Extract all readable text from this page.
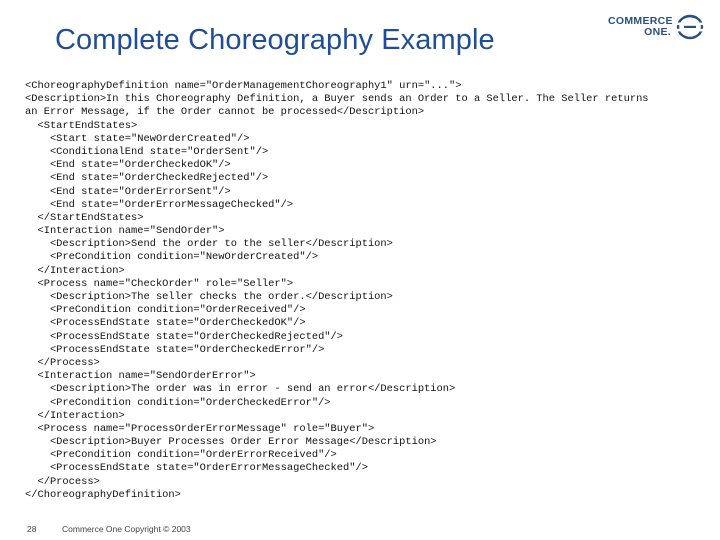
Complete Choreography Example
COMMERCE
ONE.
<ChoreographyDefinition name="OrderManagementChoreography1" urn="...">
<Description>In this Choreography Definition, a Buyer sends an Order to a Seller. The Seller returns
an Error Message, if the Order cannot be processed</Description>
<StartEndStates>
<Start state="NewOrderCreated"/>
<ConditionalEnd state="OrderSent"/>
<End state="OrderCheckedOK"/>
<End state="OrderCheckedRejected"/>
<End state="OrderErrorSent"/>
<End state="OrderErrorMessageChecked"/>
</StartEndStates>
<Interaction name="SendOrder">
<Description>Send the order to the seller</Description>
<PreCondition condition="NewOrderCreated"/>
</Interaction>
<Process name="CheckOrder" role="Seller">
<Description>The seller checks the order.</Description>
<PreCondition condition="OrderReceived"/>
<ProcessEndState state="OrderCheckedOK"/>
<ProcessEndState state="OrderCheckedRejected"/>
<ProcessEndState state="OrderCheckedError"/>
</Process>
<Interaction name="SendOrderError">
<Description>The order was in error - send an error</Description>
<PreCondition condition="OrderCheckedError"/>
</Interaction>
<Process name="ProcessOrderErrorMessage" role="Buyer">
<Description>Buyer Processes Order Error Message</Description>
<PreCondition condition="OrderErrorReceived"/>
<ProcessEndState state="OrderErrorMessageChecked"/>
</Process>
</ChoreographyDefinition>
28	Commerce One Copyright © 2003
